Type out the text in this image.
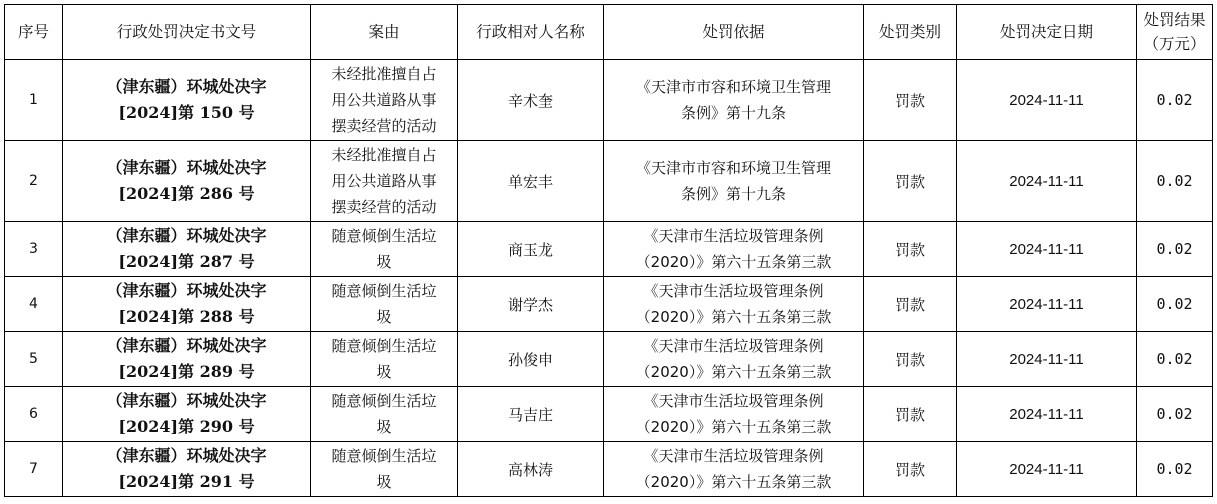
序号	行政处罚决定书文号	案由	行政相对人名称	处罚依据	处罚类别	处罚决定日期	处罚结果
（万元）

1	（津东疆）环城处决字
[2024]第 150 号	未经批准擅自占
用公共道路从事
摆卖经营的活动	辛术奎	《天津市市容和环境卫生管理
条例》第十九条	罚款	2024-11-11	0.02
2	（津东疆）环城处决字
[2024]第 286 号	未经批准擅自占
用公共道路从事
摆卖经营的活动	单宏丰	《天津市市容和环境卫生管理
条例》第十九条	罚款	2024-11-11	0.02
3	（津东疆）环城处决字
[2024]第 287 号	随意倾倒生活垃
圾	商玉龙	《天津市生活垃圾管理条例
（2020）》第六十五条第三款	罚款	2024-11-11	0.02
4	（津东疆）环城处决字
[2024]第 288 号	随意倾倒生活垃
圾	谢学杰	《天津市生活垃圾管理条例
（2020）》第六十五条第三款	罚款	2024-11-11	0.02
5	（津东疆）环城处决字
[2024]第 289 号	随意倾倒生活垃
圾	孙俊申	《天津市生活垃圾管理条例
（2020）》第六十五条第三款	罚款	2024-11-11	0.02
6	（津东疆）环城处决字
[2024]第 290 号	随意倾倒生活垃
圾	马吉庄	《天津市生活垃圾管理条例
（2020）》第六十五条第三款	罚款	2024-11-11	0.02
7	（津东疆）环城处决字
[2024]第 291 号	随意倾倒生活垃
圾	高林涛	《天津市生活垃圾管理条例
（2020）》第六十五条第三款	罚款	2024-11-11	0.02
